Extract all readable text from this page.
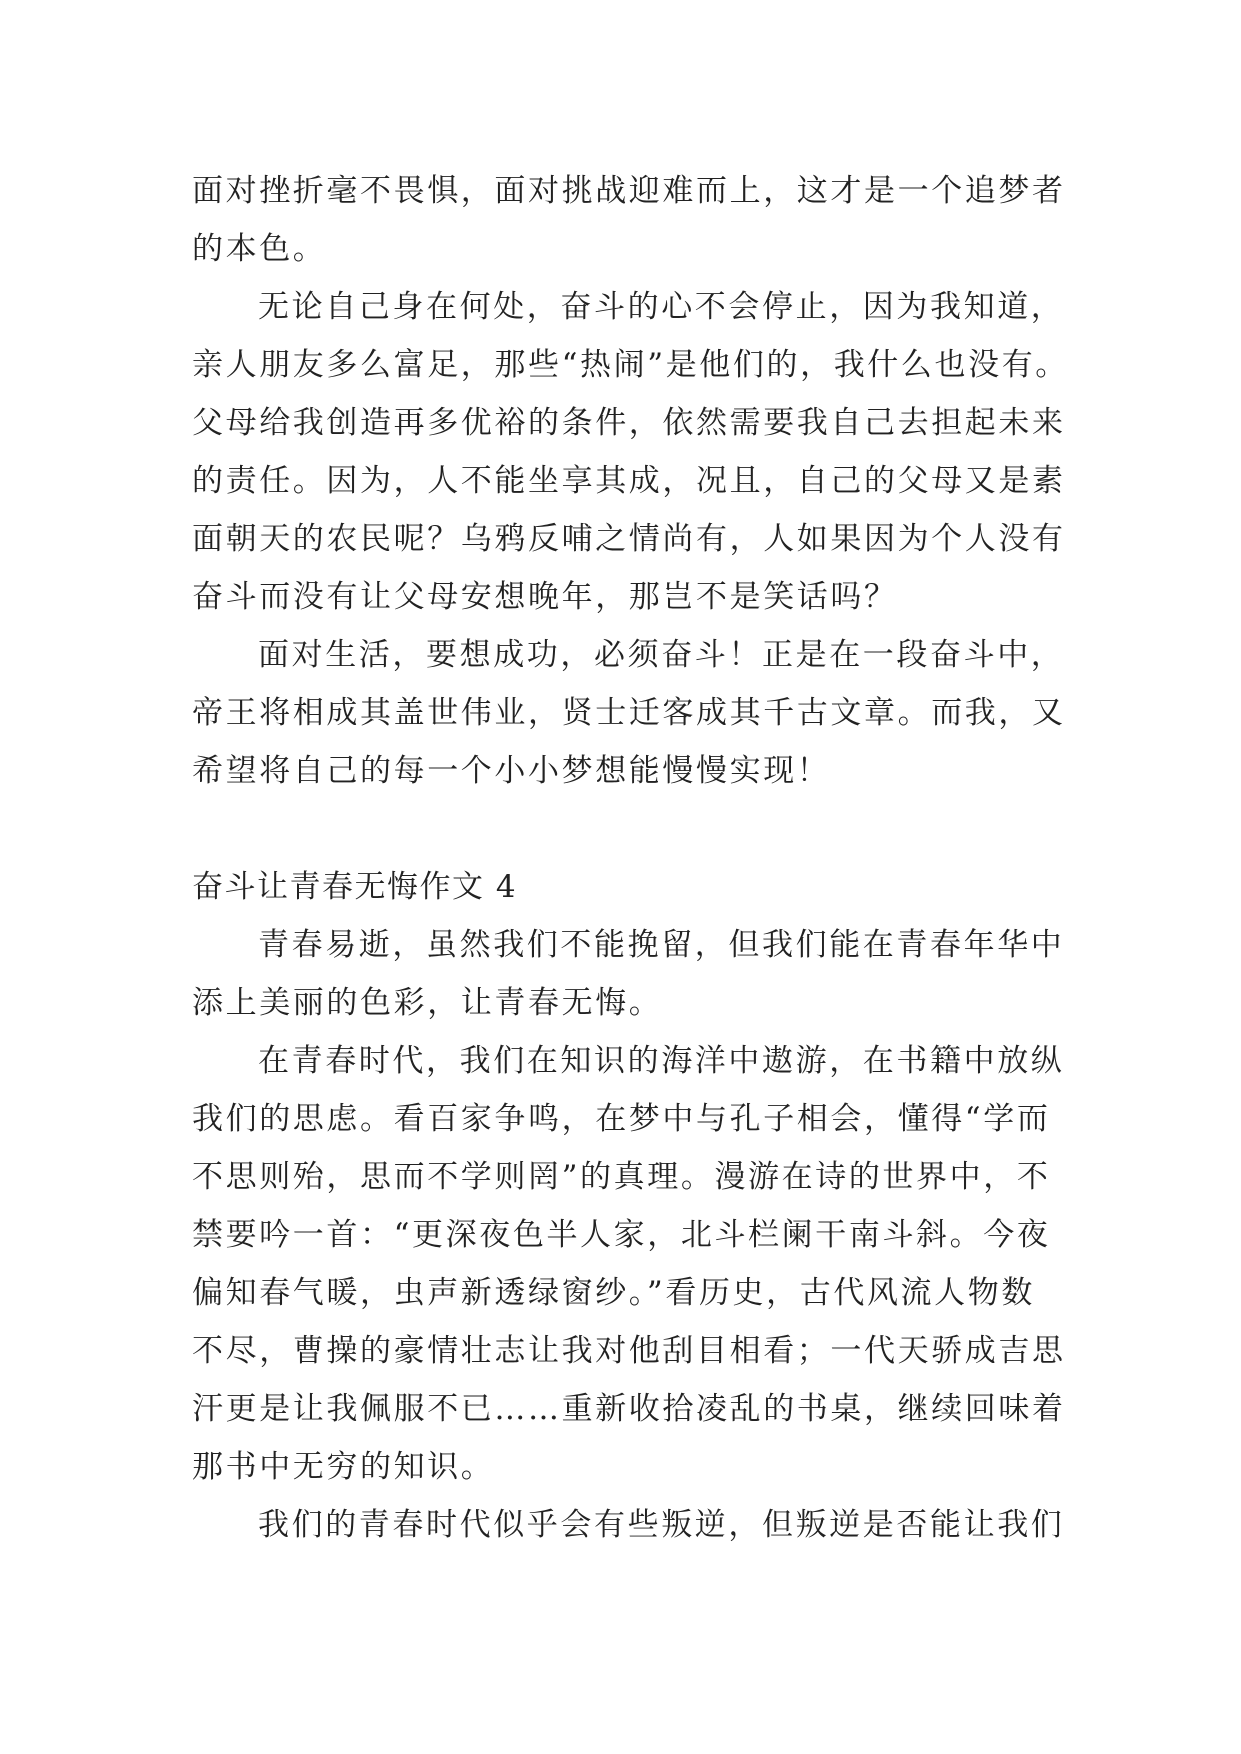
面对挫折毫不畏惧，面对挑战迎难而上，这才是一个追梦者
的本色。
无论自己身在何处，奋斗的心不会停止，因为我知道，
亲人朋友多么富足，那些“热闹”是他们的，我什么也没有。
父母给我创造再多优裕的条件，依然需要我自己去担起未来
的责任。因为，人不能坐享其成，况且，自己的父母又是素
面朝天的农民呢？乌鸦反哺之情尚有，人如果因为个人没有
奋斗而没有让父母安想晚年，那岂不是笑话吗？
面对生活，要想成功，必须奋斗！正是在一段奋斗中，
帝王将相成其盖世伟业，贤士迁客成其千古文章。而我，又
希望将自己的每一个小小梦想能慢慢实现！
奋斗让青春无悔作文 4
青春易逝，虽然我们不能挽留，但我们能在青春年华中
添上美丽的色彩，让青春无悔。
在青春时代，我们在知识的海洋中遨游，在书籍中放纵
我们的思虑。看百家争鸣，在梦中与孔子相会，懂得“学而
不思则殆，思而不学则罔”的真理。漫游在诗的世界中，不
禁要吟一首：“更深夜色半人家，北斗栏阑干南斗斜。今夜
偏知春气暖，虫声新透绿窗纱。”看历史，古代风流人物数
不尽，曹操的豪情壮志让我对他刮目相看；一代天骄成吉思
汗更是让我佩服不已……重新收拾凌乱的书桌，继续回味着
那书中无穷的知识。
我们的青春时代似乎会有些叛逆，但叛逆是否能让我们
